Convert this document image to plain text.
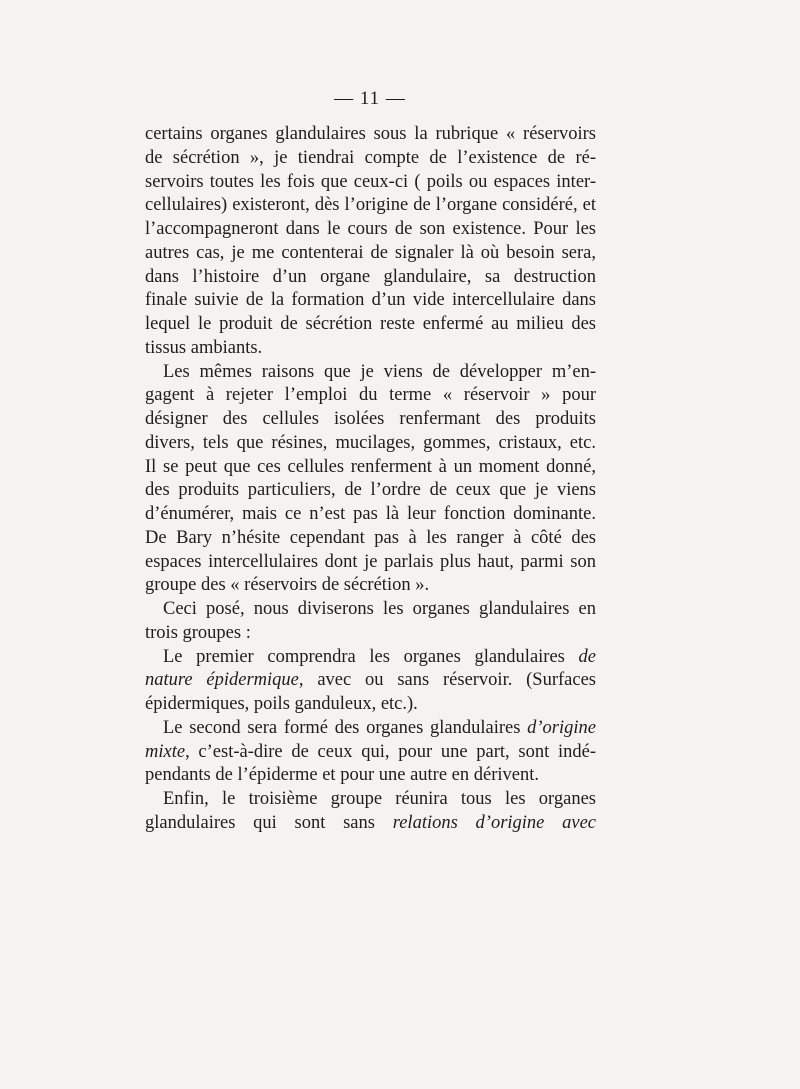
— 11 —
certains organes glandulaires sous la rubrique « réservoirs
de sécrétion », je tiendrai compte de l’existence de ré-
servoirs toutes les fois que ceux-ci ( poils ou espaces inter-
cellulaires) existeront, dès l’origine de l’organe considéré, et
l’accompagneront dans le cours de son existence. Pour les
autres cas, je me contenterai de signaler là où besoin sera,
dans l’histoire d’un organe glandulaire, sa destruction
finale suivie de la formation d’un vide intercellulaire dans
lequel le produit de sécrétion reste enfermé au milieu des
tissus ambiants.
Les mêmes raisons que je viens de développer m’en-
gagent à rejeter l’emploi du terme « réservoir » pour
désigner des cellules isolées renfermant des produits
divers, tels que résines, mucilages, gommes, cristaux, etc.
Il se peut que ces cellules renferment à un moment donné,
des produits particuliers, de l’ordre de ceux que je viens
d’énumérer, mais ce n’est pas là leur fonction dominante.
De Bary n’hésite cependant pas à les ranger à côté des
espaces intercellulaires dont je parlais plus haut, parmi son
groupe des « réservoirs de sécrétion ».
Ceci posé, nous diviserons les organes glandulaires en
trois groupes :
Le premier comprendra les organes glandulaires de
nature épidermique, avec ou sans réservoir. (Surfaces
épidermiques, poils ganduleux, etc.).
Le second sera formé des organes glandulaires d’origine
mixte, c’est-à-dire de ceux qui, pour une part, sont indé-
pendants de l’épiderme et pour une autre en dérivent.
Enfin, le troisième groupe réunira tous les organes
glandulaires qui sont sans relations d’origine avec
